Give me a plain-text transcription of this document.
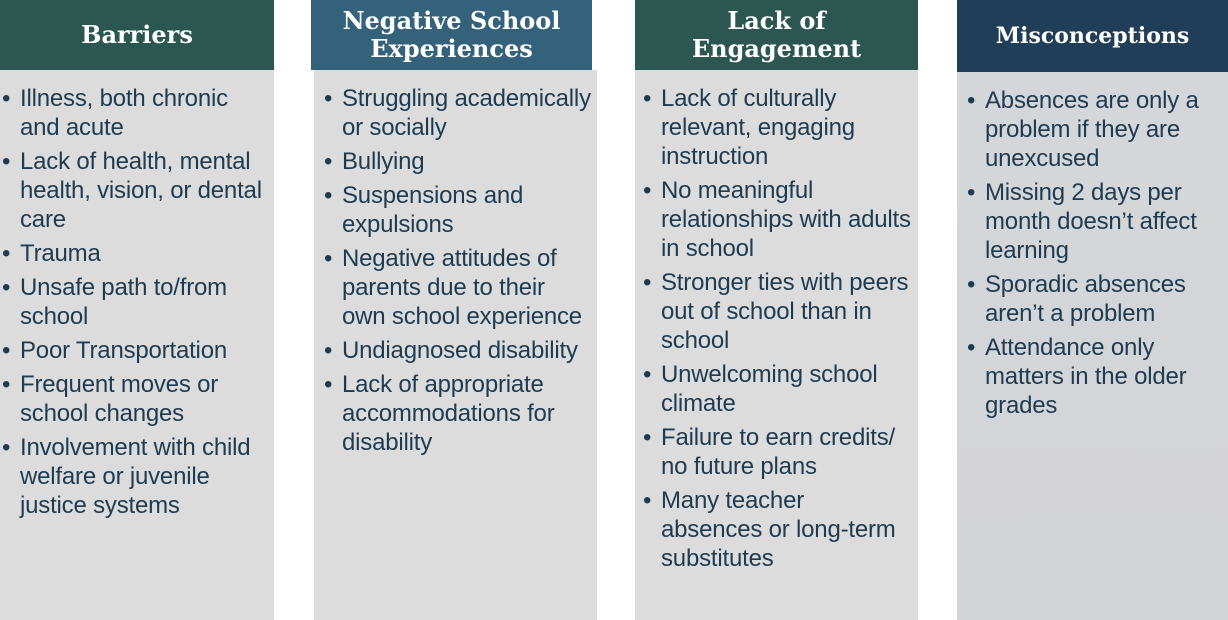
Barriers
• Illness, both chronic and acute
• Lack of health, mental health, vision, or dental care
• Trauma
• Unsafe path to/from school
• Poor Transportation
• Frequent moves or school changes
• Involvement with child welfare or juvenile justice systems
Negative School Experiences
• Struggling academically or socially
• Bullying
• Suspensions and expulsions
• Negative attitudes of parents due to their own school experience
• Undiagnosed disability
• Lack of appropriate accommodations for disability
Lack of Engagement
• Lack of culturally relevant, engaging instruction
• No meaningful relationships with adults in school
• Stronger ties with peers out of school than in school
• Unwelcoming school climate
• Failure to earn credits/ no future plans
• Many teacher absences or long-term substitutes
Misconceptions
• Absences are only a problem if they are unexcused
• Missing 2 days per month doesn’t affect learning
• Sporadic absences aren’t a problem
• Attendance only matters in the older grades
